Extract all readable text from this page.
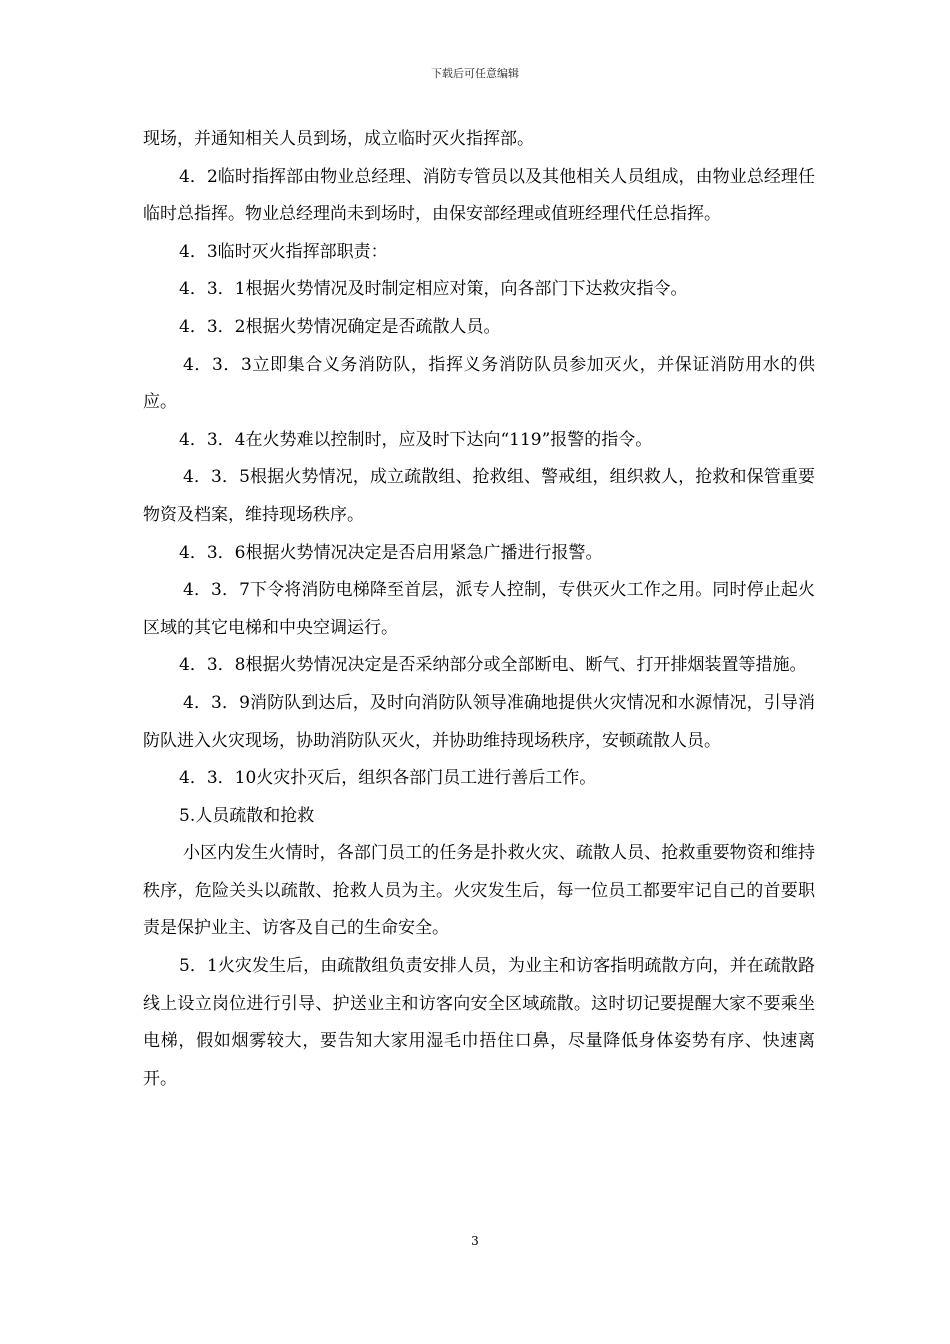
下载后可任意编辑

现场，并通知相关人员到场，成立临时灭火指挥部。

4．2临时指挥部由物业总经理、消防专管员以及其他相关人员组成，由物业总经理任临时总指挥。物业总经理尚未到场时，由保安部经理或值班经理代任总指挥。

4．3临时灭火指挥部职责：

4．3．1根据火势情况及时制定相应对策，向各部门下达救灾指令。

4．3．2根据火势情况确定是否疏散人员。

4．3．3立即集合义务消防队，指挥义务消防队员参加灭火，并保证消防用水的供应。

4．3．4在火势难以控制时，应及时下达向“119”报警的指令。

4．3．5根据火势情况，成立疏散组、抢救组、警戒组，组织救人，抢救和保管重要物资及档案，维持现场秩序。

4．3．6根据火势情况决定是否启用紧急广播进行报警。

4．3．7下令将消防电梯降至首层，派专人控制，专供灭火工作之用。同时停止起火区域的其它电梯和中央空调运行。

4．3．8根据火势情况决定是否采纳部分或全部断电、断气、打开排烟装置等措施。

4．3．9消防队到达后，及时向消防队领导准确地提供火灾情况和水源情况，引导消防队进入火灾现场，协助消防队灭火，并协助维持现场秩序，安顿疏散人员。

4．3．10火灾扑灭后，组织各部门员工进行善后工作。

5.人员疏散和抢救

小区内发生火情时，各部门员工的任务是扑救火灾、疏散人员、抢救重要物资和维持秩序，危险关头以疏散、抢救人员为主。火灾发生后，每一位员工都要牢记自己的首要职责是保护业主、访客及自己的生命安全。

5．1火灾发生后，由疏散组负责安排人员，为业主和访客指明疏散方向，并在疏散路线上设立岗位进行引导、护送业主和访客向安全区域疏散。这时切记要提醒大家不要乘坐电梯，假如烟雾较大，要告知大家用湿毛巾捂住口鼻，尽量降低身体姿势有序、快速离开。

3
